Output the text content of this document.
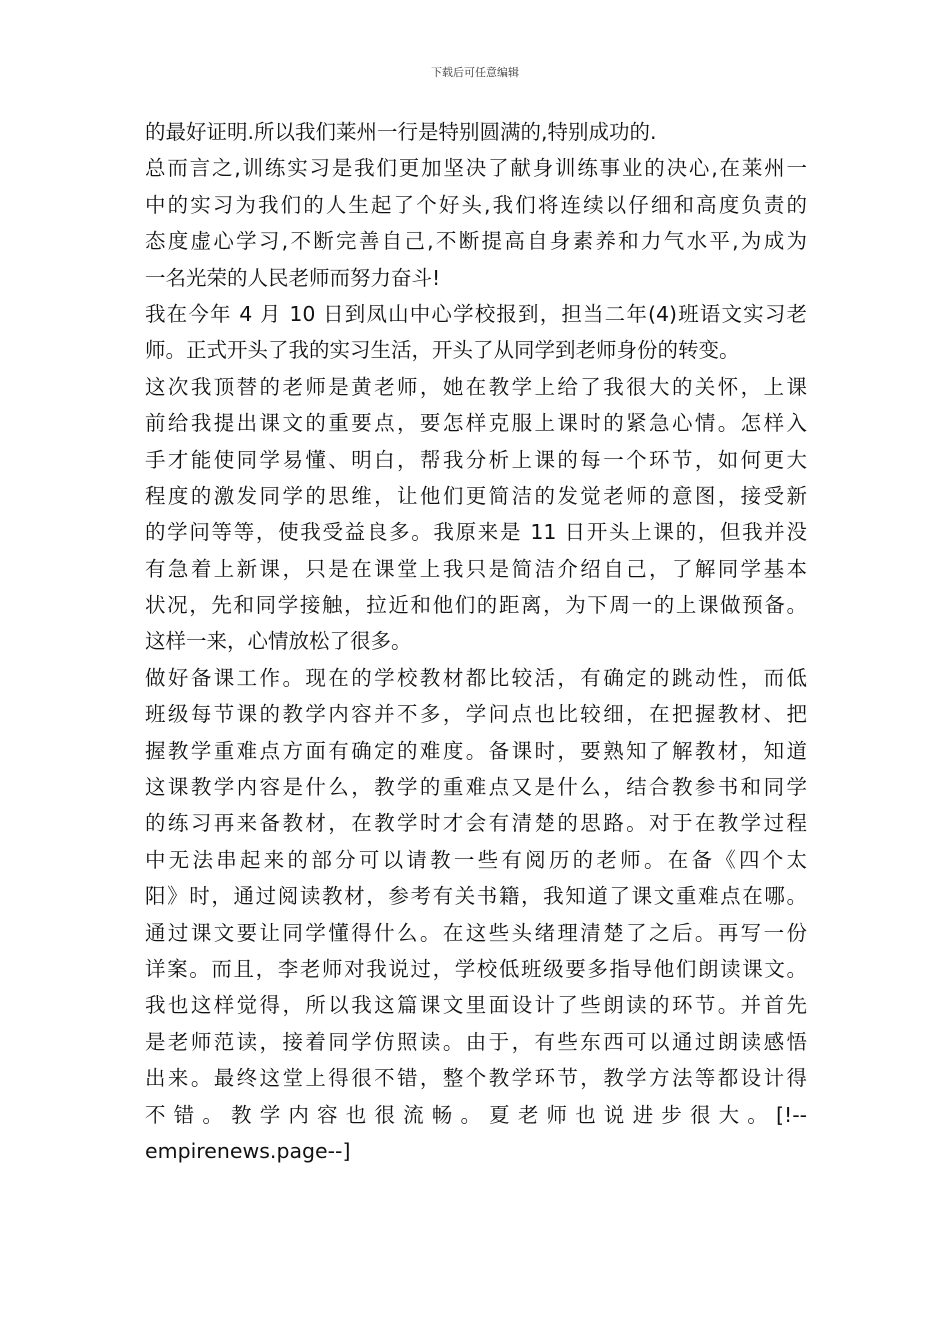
下载后可任意编辑
的最好证明.所以我们莱州一行是特别圆满的,特别成功的.
总而言之,训练实习是我们更加坚决了献身训练事业的决心,在莱州一
中的实习为我们的人生起了个好头,我们将连续以仔细和高度负责的
态度虚心学习,不断完善自己,不断提高自身素养和力气水平,为成为
一名光荣的人民老师而努力奋斗!
我在今年 4 月 10 日到凤山中心学校报到，担当二年(4)班语文实习老
师。正式开头了我的实习生活，开头了从同学到老师身份的转变。
这次我顶替的老师是黄老师，她在教学上给了我很大的关怀，上课
前给我提出课文的重要点，要怎样克服上课时的紧急心情。怎样入
手才能使同学易懂、明白，帮我分析上课的每一个环节，如何更大
程度的激发同学的思维，让他们更简洁的发觉老师的意图，接受新
的学问等等，使我受益良多。我原来是 11 日开头上课的，但我并没
有急着上新课，只是在课堂上我只是简洁介绍自己，了解同学基本
状况，先和同学接触，拉近和他们的距离，为下周一的上课做预备。
这样一来，心情放松了很多。
做好备课工作。现在的学校教材都比较活，有确定的跳动性，而低
班级每节课的教学内容并不多，学问点也比较细，在把握教材、把
握教学重难点方面有确定的难度。备课时，要熟知了解教材，知道
这课教学内容是什么，教学的重难点又是什么，结合教参书和同学
的练习再来备教材，在教学时才会有清楚的思路。对于在教学过程
中无法串起来的部分可以请教一些有阅历的老师。在备《四个太
阳》时，通过阅读教材，参考有关书籍，我知道了课文重难点在哪。
通过课文要让同学懂得什么。在这些头绪理清楚了之后。再写一份
详案。而且，李老师对我说过，学校低班级要多指导他们朗读课文。
我也这样觉得，所以我这篇课文里面设计了些朗读的环节。并首先
是老师范读，接着同学仿照读。由于，有些东西可以通过朗读感悟
出来。最终这堂上得很不错，整个教学环节，教学方法等都设计得
不 错 。 教 学 内 容 也 很 流 畅 。 夏 老 师 也 说 进 步 很 大 。 [!--
empirenews.page--]
